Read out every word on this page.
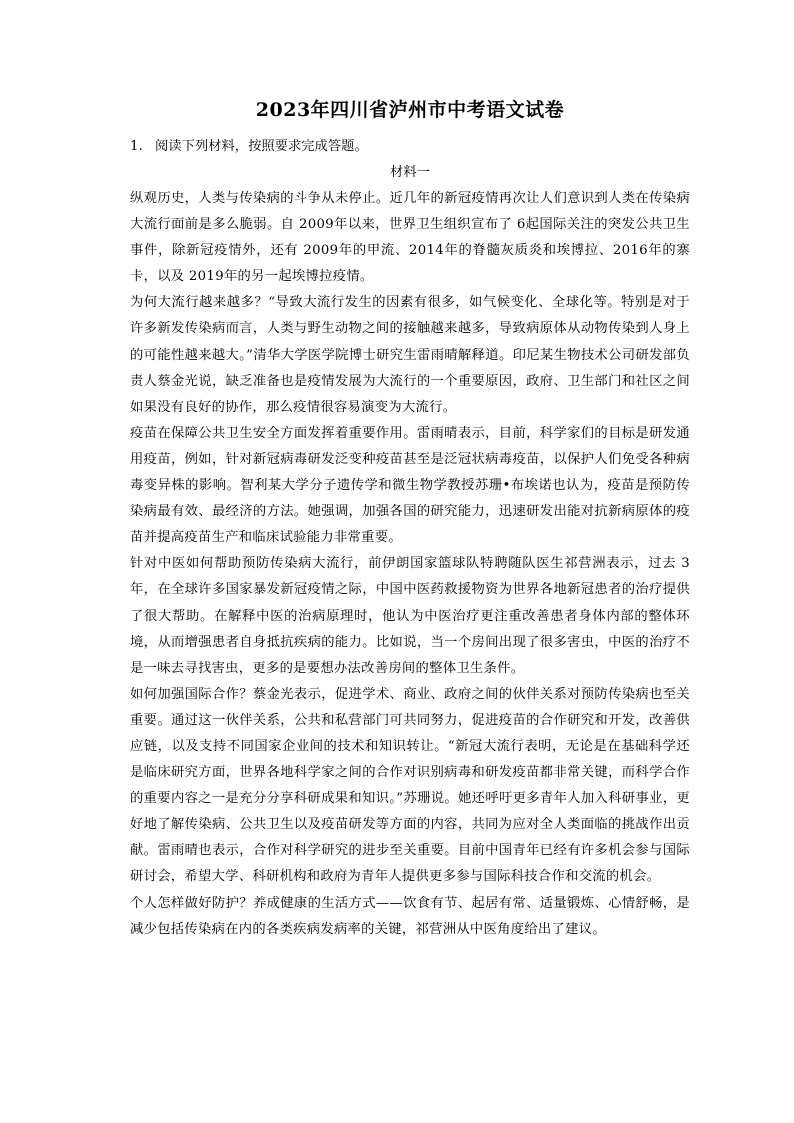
2023年四川省泸州市中考语文试卷
1. 阅读下列材料，按照要求完成答题。
材料一

纵观历史，人类与传染病的斗争从未停止。近几年的新冠疫情再次让人们意识到人类在传染病大流行面前是多么脆弱。自 2009年以来，世界卫生组织宣布了 6起国际关注的突发公共卫生事件，除新冠疫情外，还有 2009年的甲流、2014年的脊髓灰质炎和埃博拉、2016年的寨卡，以及 2019年的另一起埃博拉疫情。

为何大流行越来越多？“导致大流行发生的因素有很多，如气候变化、全球化等。特别是对于许多新发传染病而言，人类与野生动物之间的接触越来越多，导致病原体从动物传染到人身上的可能性越来越大。”清华大学医学院博士研究生雷雨晴解释道。印尼某生物技术公司研发部负责人蔡金光说，缺乏准备也是疫情发展为大流行的一个重要原因，政府、卫生部门和社区之间如果没有良好的协作，那么疫情很容易演变为大流行。

疫苗在保障公共卫生安全方面发挥着重要作用。雷雨晴表示，目前，科学家们的目标是研发通用疫苗，例如，针对新冠病毒研发泛变种疫苗甚至是泛冠状病毒疫苗，以保护人们免受各种病毒变异株的影响。智利某大学分子遗传学和微生物学教授苏珊•布埃诺也认为，疫苗是预防传染病最有效、最经济的方法。她强调，加强各国的研究能力，迅速研发出能对抗新病原体的疫苗并提高疫苗生产和临床试验能力非常重要。

针对中医如何帮助预防传染病大流行，前伊朗国家篮球队特聘随队医生祁营洲表示，过去 3年，在全球许多国家暴发新冠疫情之际，中国中医药救援物资为世界各地新冠患者的治疗提供了很大帮助。在解释中医的治病原理时，他认为中医治疗更注重改善患者身体内部的整体环境，从而增强患者自身抵抗疾病的能力。比如说，当一个房间出现了很多害虫，中医的治疗不是一味去寻找害虫，更多的是要想办法改善房间的整体卫生条件。

如何加强国际合作？蔡金光表示，促进学术、商业、政府之间的伙伴关系对预防传染病也至关重要。通过这一伙伴关系，公共和私营部门可共同努力，促进疫苗的合作研究和开发，改善供应链，以及支持不同国家企业间的技术和知识转让。“新冠大流行表明，无论是在基础科学还是临床研究方面，世界各地科学家之间的合作对识别病毒和研发疫苗都非常关键，而科学合作的重要内容之一是充分分享科研成果和知识。”苏珊说。她还呼吁更多青年人加入科研事业，更好地了解传染病、公共卫生以及疫苗研发等方面的内容，共同为应对全人类面临的挑战作出贡献。雷雨晴也表示，合作对科学研究的进步至关重要。目前中国青年已经有许多机会参与国际研讨会，希望大学、科研机构和政府为青年人提供更多参与国际科技合作和交流的机会。

个人怎样做好防护？养成健康的生活方式——饮食有节、起居有常、适量锻炼、心情舒畅，是减少包括传染病在内的各类疾病发病率的关键，祁营洲从中医角度给出了建议。
